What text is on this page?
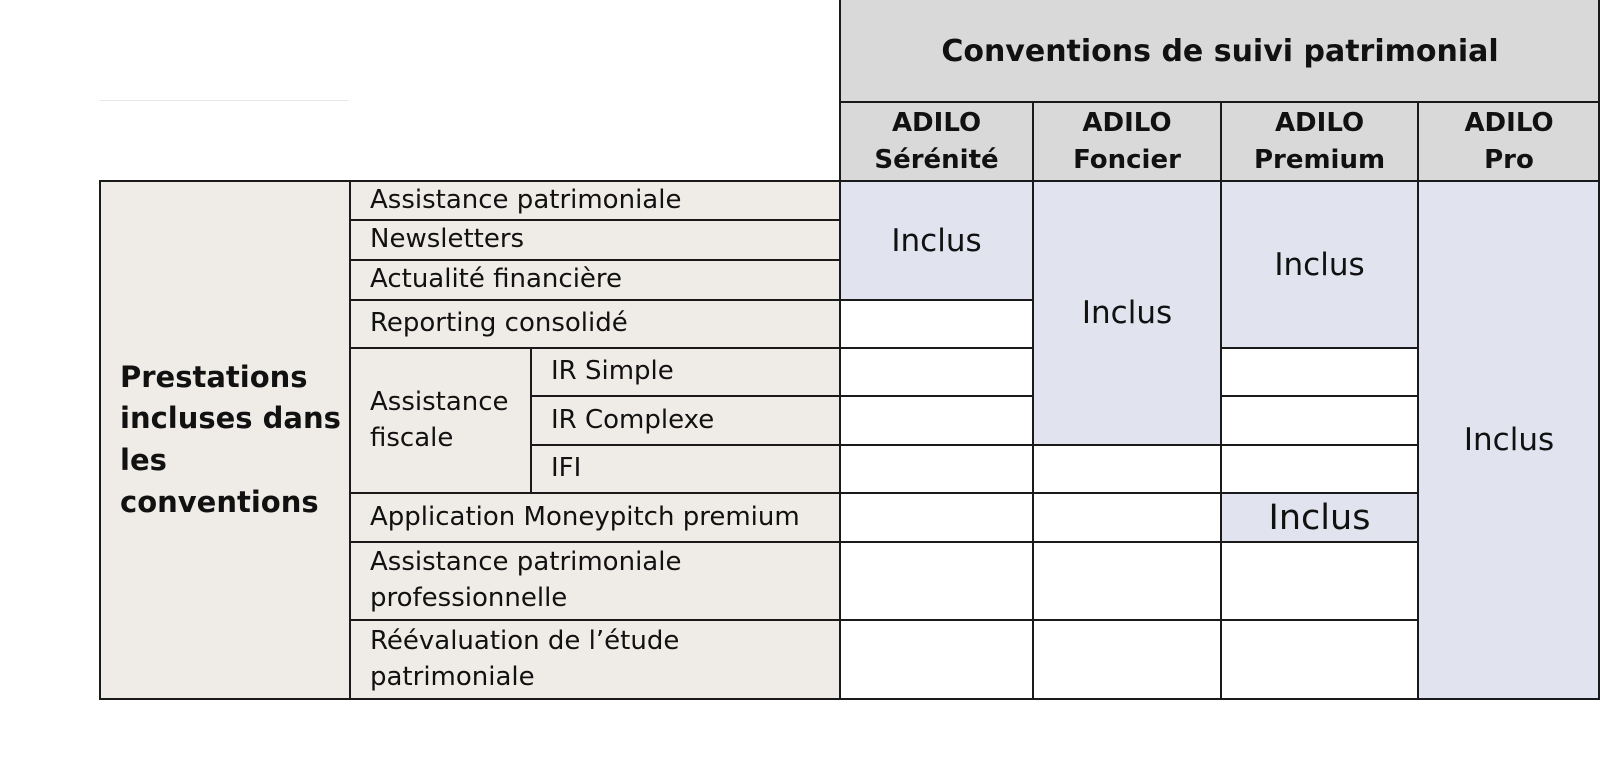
Conventions de suivi patrimonial
ADILO
Sérénité
ADILO
Foncier
ADILO
Premium
ADILO
Pro
Prestations incluses dans les conventions
Assistance patrimoniale
Newsletters
Actualité financière
Reporting consolidé
Assistance fiscale
IR Simple
IR Complexe
IFI
Application Moneypitch premium
Assistance patrimoniale professionnelle
Réévaluation de l’étude patrimoniale
Inclus
Inclus
Inclus
Inclus
Inclus
